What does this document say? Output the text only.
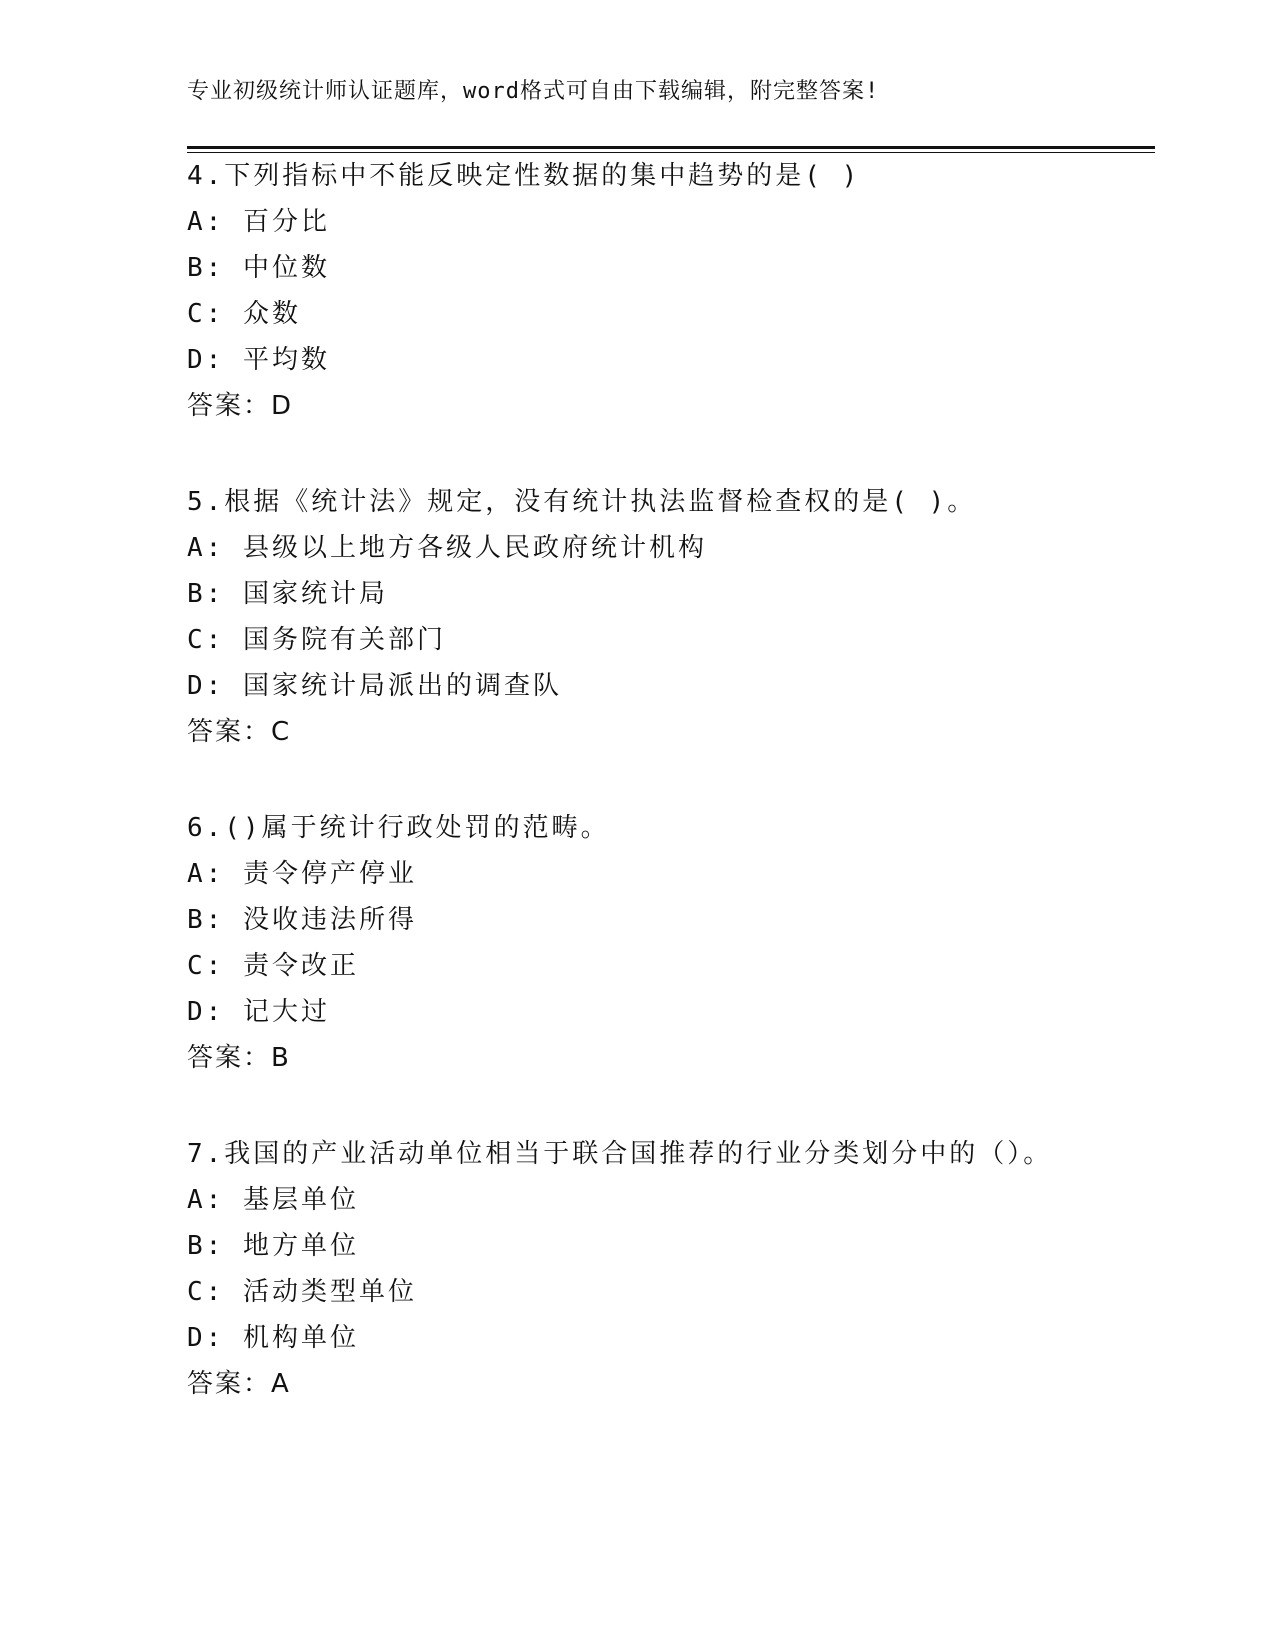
专业初级统计师认证题库，word格式可自由下载编辑，附完整答案!
4.下列指标中不能反映定性数据的集中趋势的是( )
A: 百分比
B: 中位数
C: 众数
D: 平均数
答案：D
5.根据《统计法》规定，没有统计执法监督检查权的是( )。
A: 县级以上地方各级人民政府统计机构
B: 国家统计局
C: 国务院有关部门
D: 国家统计局派出的调查队
答案：C
6.()属于统计行政处罚的范畴。
A: 责令停产停业
B: 没收违法所得
C: 责令改正
D: 记大过
答案：B
7.我国的产业活动单位相当于联合国推荐的行业分类划分中的（）。
A: 基层单位
B: 地方单位
C: 活动类型单位
D: 机构单位
答案：A
